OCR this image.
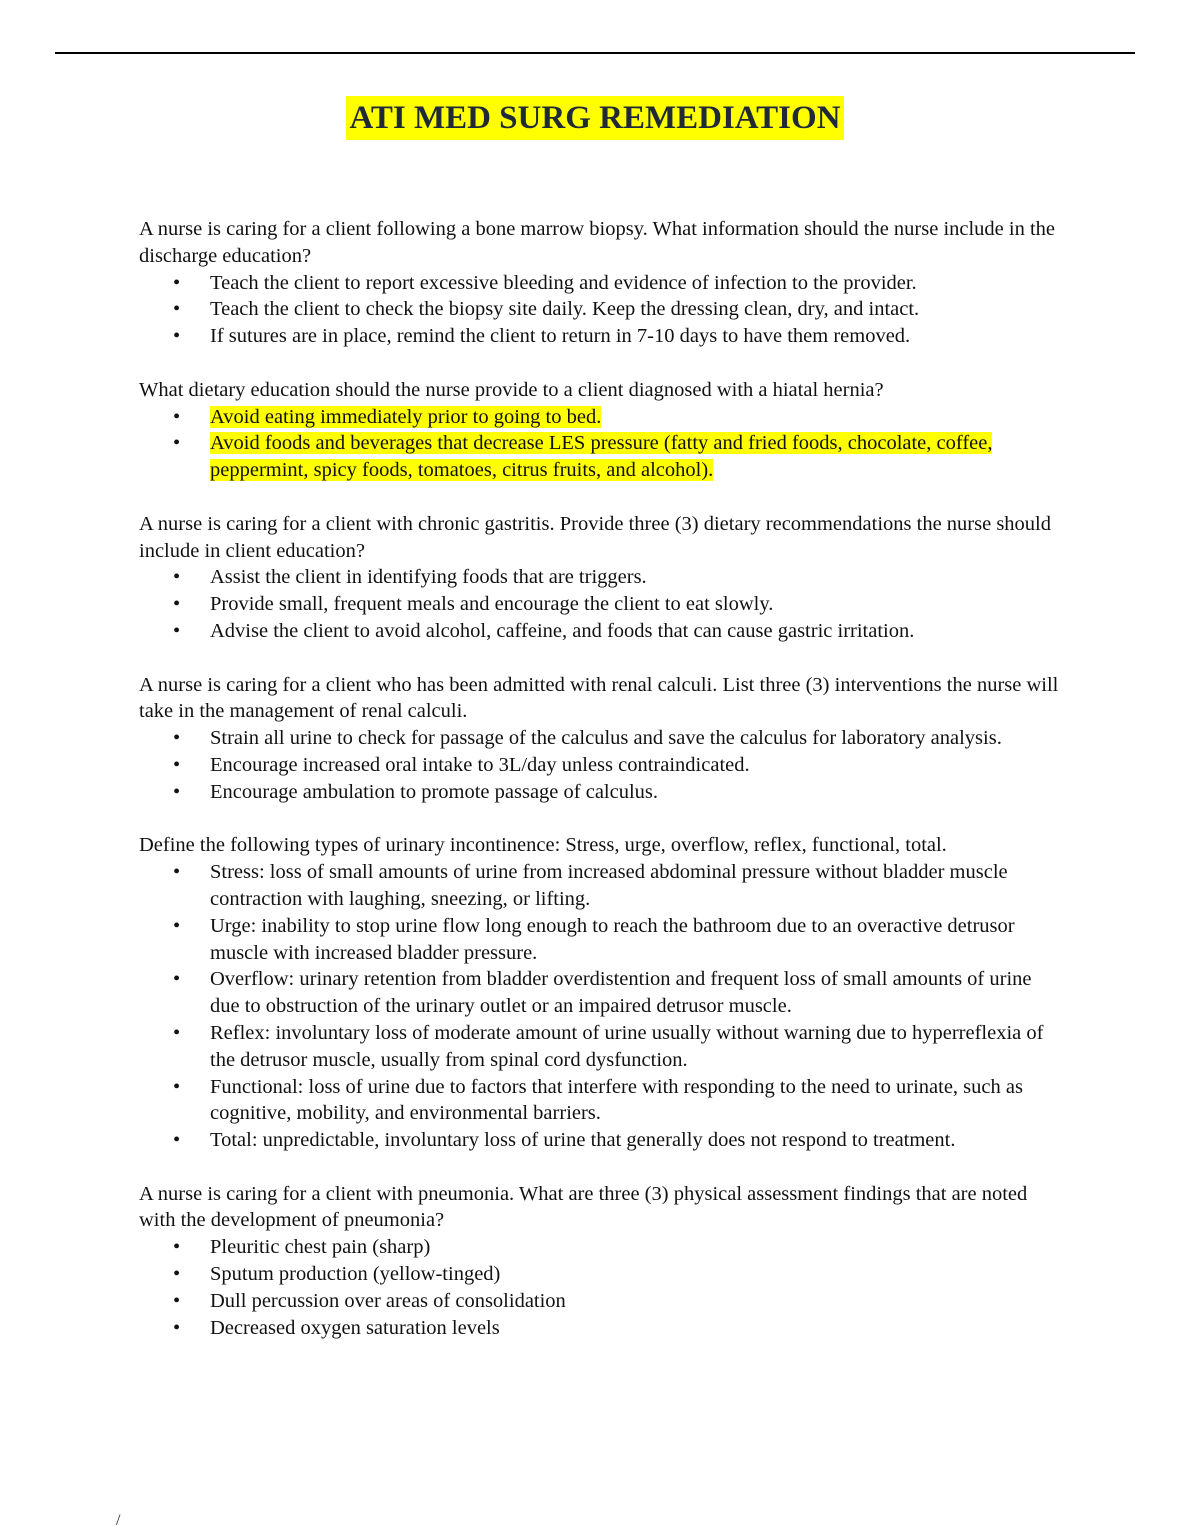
ATI MED SURG REMEDIATION

A nurse is caring for a client following a bone marrow biopsy. What information should the nurse include in the discharge education?

• Teach the client to report excessive bleeding and evidence of infection to the provider.
• Teach the client to check the biopsy site daily. Keep the dressing clean, dry, and intact.
• If sutures are in place, remind the client to return in 7-10 days to have them removed.

What dietary education should the nurse provide to a client diagnosed with a hiatal hernia?

• Avoid eating immediately prior to going to bed.
• Avoid foods and beverages that decrease LES pressure (fatty and fried foods, chocolate, coffee, peppermint, spicy foods, tomatoes, citrus fruits, and alcohol).

A nurse is caring for a client with chronic gastritis. Provide three (3) dietary recommendations the nurse should include in client education?

• Assist the client in identifying foods that are triggers.
• Provide small, frequent meals and encourage the client to eat slowly.
• Advise the client to avoid alcohol, caffeine, and foods that can cause gastric irritation.

A nurse is caring for a client who has been admitted with renal calculi. List three (3) interventions the nurse will take in the management of renal calculi.

• Strain all urine to check for passage of the calculus and save the calculus for laboratory analysis.
• Encourage increased oral intake to 3L/day unless contraindicated.
• Encourage ambulation to promote passage of calculus.

Define the following types of urinary incontinence: Stress, urge, overflow, reflex, functional, total.

• Stress: loss of small amounts of urine from increased abdominal pressure without bladder muscle contraction with laughing, sneezing, or lifting.
• Urge: inability to stop urine flow long enough to reach the bathroom due to an overactive detrusor muscle with increased bladder pressure.
• Overflow: urinary retention from bladder overdistention and frequent loss of small amounts of urine due to obstruction of the urinary outlet or an impaired detrusor muscle.
• Reflex: involuntary loss of moderate amount of urine usually without warning due to hyperreflexia of the detrusor muscle, usually from spinal cord dysfunction.
• Functional: loss of urine due to factors that interfere with responding to the need to urinate, such as cognitive, mobility, and environmental barriers.
• Total: unpredictable, involuntary loss of urine that generally does not respond to treatment.

A nurse is caring for a client with pneumonia. What are three (3) physical assessment findings that are noted with the development of pneumonia?

• Pleuritic chest pain (sharp)
• Sputum production (yellow-tinged)
• Dull percussion over areas of consolidation
• Decreased oxygen saturation levels
/
